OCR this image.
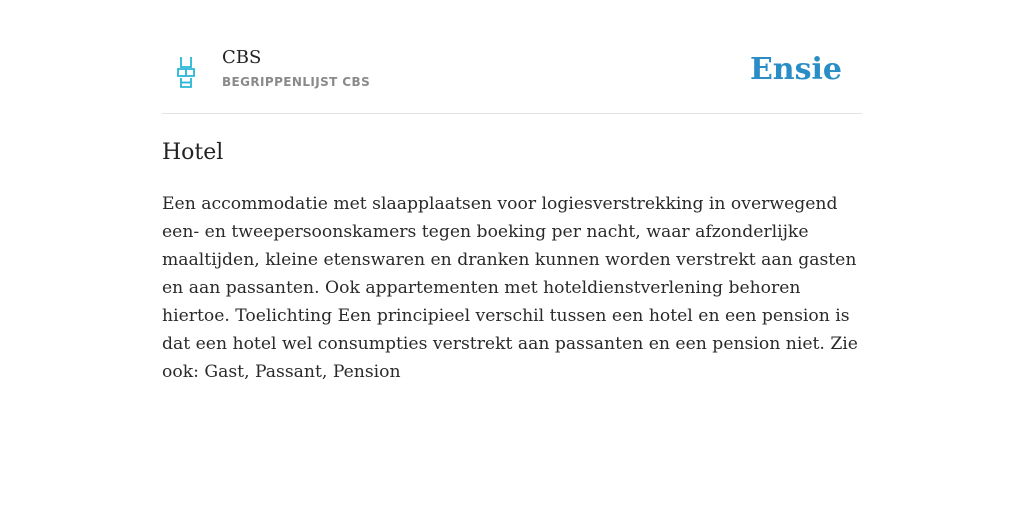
CBS
BEGRIPPENLIJST CBS	Ensie
Hotel

Een accommodatie met slaapplaatsen voor logiesverstrekking in overwegend een- en tweepersoonskamers tegen boeking per nacht, waar afzonderlijke maaltijden, kleine etenswaren en dranken kunnen worden verstrekt aan gasten en aan passanten. Ook appartementen met hoteldienstverlening behoren hiertoe. Toelichting Een principieel verschil tussen een hotel en een pension is dat een hotel wel consumpties verstrekt aan passanten en een pension niet. Zie ook: Gast, Passant, Pension
